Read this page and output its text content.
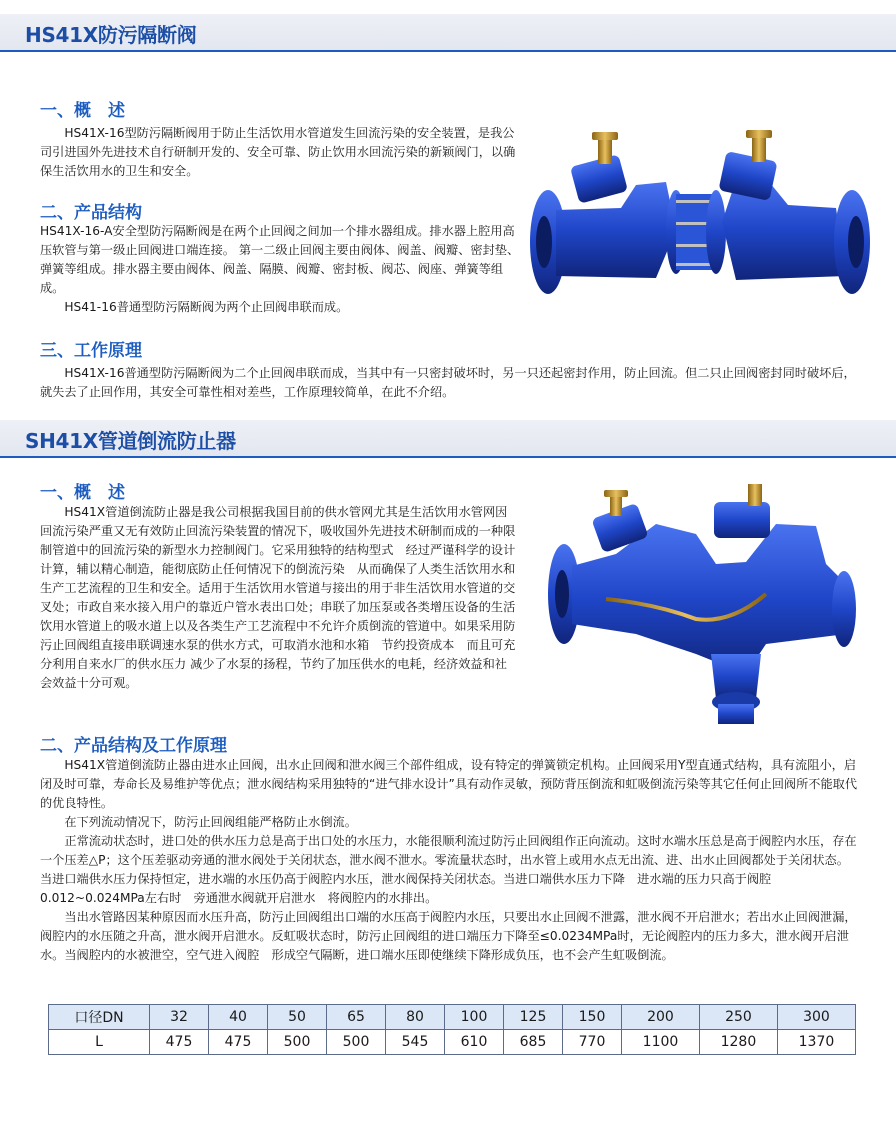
HS41X防污隔断阀
一、概　述

HS41X-16型防污隔断阀用于防止生活饮用水管道发生回流污染的安全装置，是我公司引进国外先进技术自行研制开发的、安全可靠、防止饮用水回流污染的新颖阀门，以确保生活饮用水的卫生和安全。

二、产品结构

HS41X-16-A安全型防污隔断阀是在两个止回阀之间加一个排水器组成。排水器上腔用高压软管与第一级止回阀进口端连接。 第一二级止回阀主要由阀体、阀盖、阀瓣、密封垫、弹簧等组成。排水器主要由阀体、阀盖、隔膜、阀瓣、密封板、阀芯、阀座、弹簧等组成。

HS41-16普通型防污隔断阀为两个止回阀串联而成。

三、工作原理

HS41X-16普通型防污隔断阀为二个止回阀串联而成，当其中有一只密封破坏时，另一只还起密封作用，防止回流。但二只止回阀密封同时破坏后，就失去了止回作用，其安全可靠性相对差些，工作原理较简单，在此不介绍。

SH41X管道倒流防止器
一、概　述

HS41X管道倒流防止器是我公司根据我国目前的供水管网尤其是生活饮用水管网因回流污染严重又无有效防止回流污染装置的情况下，吸收国外先进技术研制而成的一种限制管道中的回流污染的新型水力控制阀门。它采用独特的结构型式　经过严谨科学的设计计算，辅以精心制造，能彻底防止任何情况下的倒流污染　从而确保了人类生活饮用水和生产工艺流程的卫生和安全。适用于生活饮用水管道与接出的用于非生活饮用水管道的交叉处；市政自来水接入用户的靠近户管水表出口处；串联了加压泵或各类增压设备的生活饮用水管道上的吸水道上以及各类生产工艺流程中不允许介质倒流的管道中。如果采用防污止回阀组直接串联调速水泵的供水方式，可取消水池和水箱　节约投资成本　而且可充分利用自来水厂的供水压力 减少了水泵的扬程，节约了加压供水的电耗，经济效益和社会效益十分可观。

二、产品结构及工作原理

HS41X管道倒流防止器由进水止回阀，出水止回阀和泄水阀三个部件组成，设有特定的弹簧锁定机构。止回阀采用Y型直通式结构，具有流阻小，启闭及时可靠，寿命长及易维护等优点；泄水阀结构采用独特的“进气排水设计”具有动作灵敏，预防背压倒流和虹吸倒流污染等其它任何止回阀所不能取代的优良特性。

在下列流动情况下，防污止回阀组能严格防止水倒流。

正常流动状态时，进口处的供水压力总是高于出口处的水压力，水能很顺利流过防污止回阀组作正向流动。这时水端水压总是高于阀腔内水压，存在一个压差△P；这个压差驱动旁通的泄水阀处于关闭状态，泄水阀不泄水。零流量状态时，出水管上或用水点无出流、进、出水止回阀都处于关闭状态。当进口端供水压力保持恒定，进水端的水压仍高于阀腔内水压，泄水阀保持关闭状态。当进口端供水压力下降　进水端的压力只高于阀腔0.012~0.024MPa左右时　旁通泄水阀就开启泄水　将阀腔内的水排出。

当出水管路因某种原因而水压升高，防污止回阀组出口端的水压高于阀腔内水压，只要出水止回阀不泄露，泄水阀不开启泄水；若出水止回阀泄漏，阀腔内的水压随之升高，泄水阀开启泄水。反虹吸状态时，防污止回阀组的进口端压力下降至≤0.0234MPa时，无论阀腔内的压力多大，泄水阀开启泄水。当阀腔内的水被泄空，空气进入阀腔　形成空气隔断，进口端水压即使继续下降形成负压，也不会产生虹吸倒流。

口径DN	32	40	50	65	80	100	125	150	200	250	300
L	475	475	500	500	545	610	685	770	1100	1280	1370
